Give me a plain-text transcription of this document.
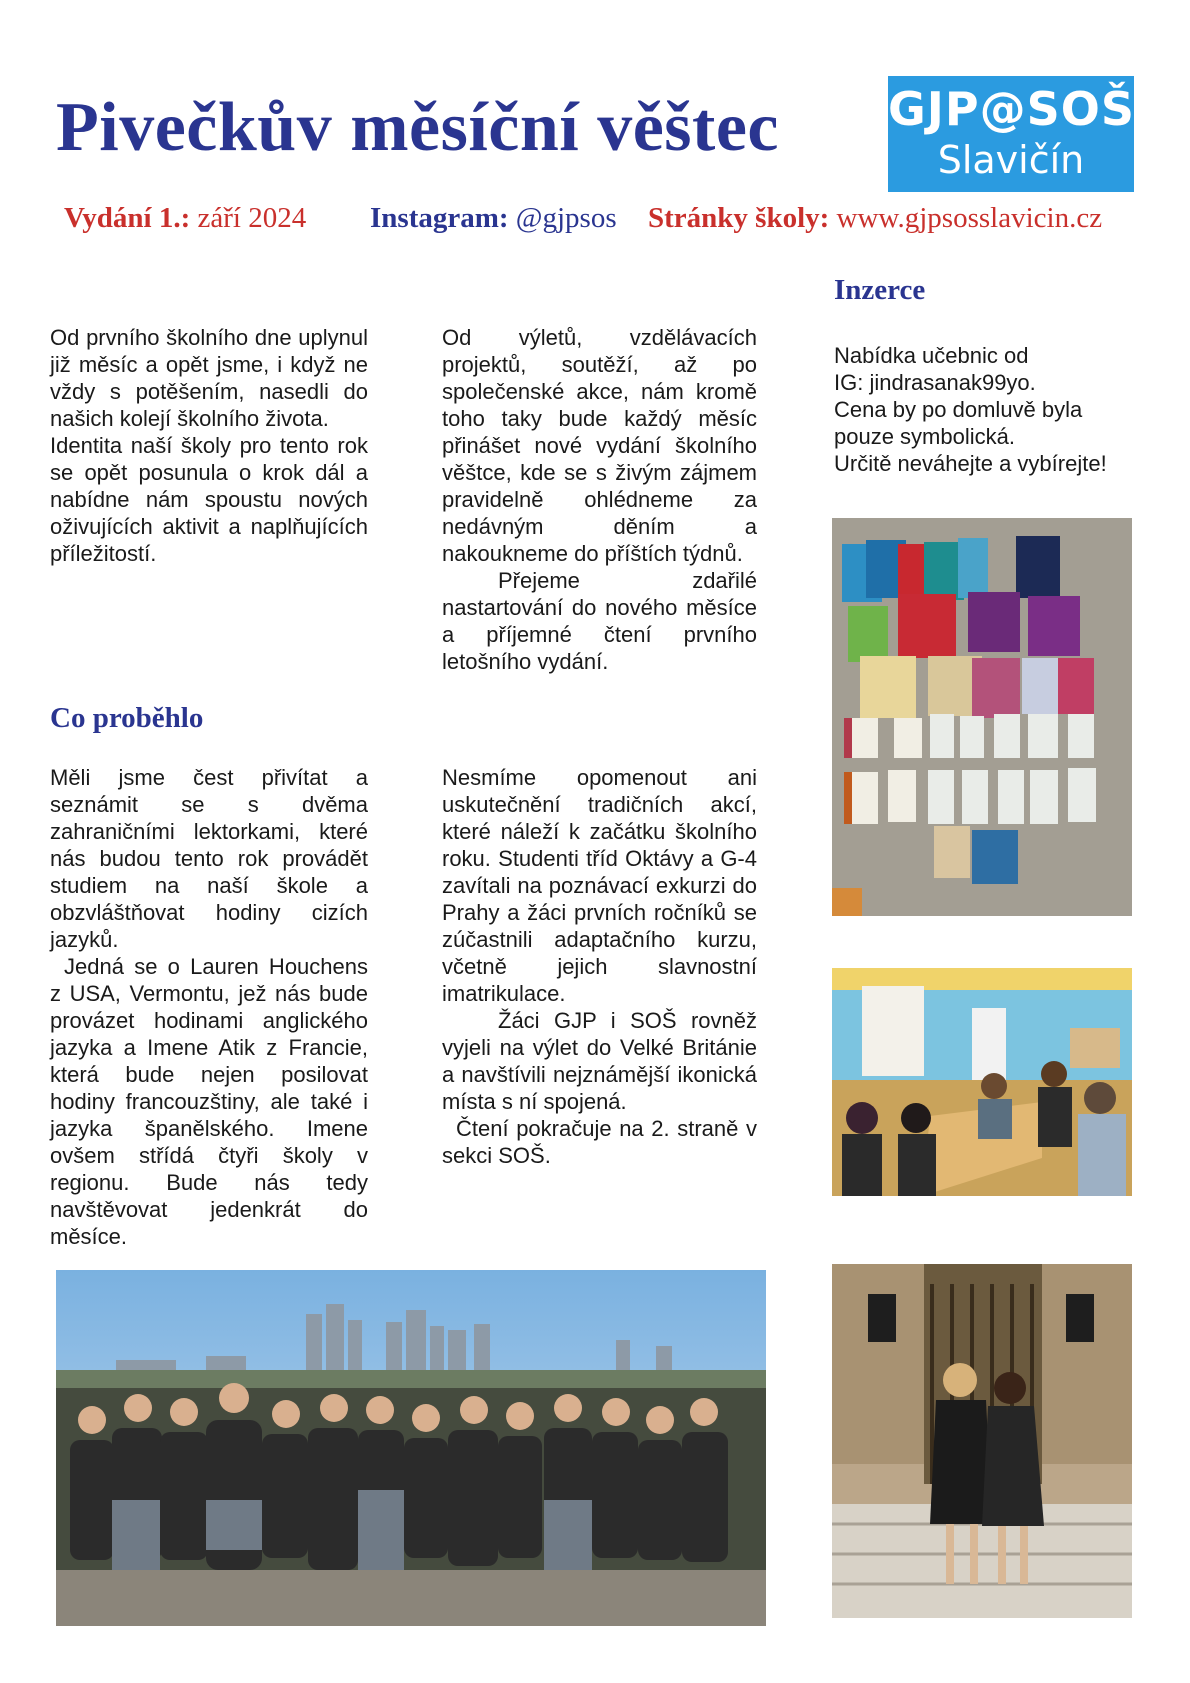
Pivečkův měsíční věštec GJP@SOŠ
Slavičín
Vydání 1.: září 2024 Instagram: @gjpsos Stránky školy: www.gjpsosslavicin.cz

Od prvního školního dne uplynul již měsíc a opět jsme, i když ne vždy s potěšením, nasedli do našich kolejí školního života.

Identita naší školy pro tento rok se opět posunula o krok dál a nabídne nám spoustu nových oživujících aktivit a naplňujících příležitostí.

Od výletů, vzdělávacích projektů, soutěží, až po společenské akce, nám kromě toho taky bude každý měsíc přinášet nové vydání školního věštce, kde se s živým zájmem pravidelně ohlédneme za nedávným děním a nakoukneme do příštích týdnů.

Přejeme zdařilé nastartování do nového měsíce a příjemné čtení prvního letošního vydání.

Co proběhlo

Měli jsme čest přivítat a seznámit se s dvěma zahraničními lektorkami, které nás budou tento rok provádět studiem na naší škole a obzvláštňovat hodiny cizích jazyků.

Jedná se o Lauren Houchens z USA, Vermontu, jež nás bude provázet hodinami anglického jazyka a Imene Atik z Francie, která bude nejen posilovat hodiny francouzštiny, ale také i jazyka španělského. Imene ovšem střídá čtyři školy v regionu. Bude nás tedy navštěvovat jedenkrát do měsíce.

Nesmíme opomenout ani uskutečnění tradičních akcí, které náleží k začátku školního roku. Studenti tříd Oktávy a G-4 zavítali na poznávací exkurzi do Prahy a žáci prvních ročníků se zúčastnili adaptačního kurzu, včetně jejich slavnostní imatrikulace.

Žáci GJP i SOŠ rovněž vyjeli na výlet do Velké Británie a navštívili nejznámější ikonická místa s ní spojená.

Čtení pokračuje na 2. straně v sekci SOŠ.

Inzerce
Nabídka učebnic od
IG: jindrasanak99yo.
Cena by po domluvě byla
pouze symbolická.
Určitě neváhejte a vybírejte!
